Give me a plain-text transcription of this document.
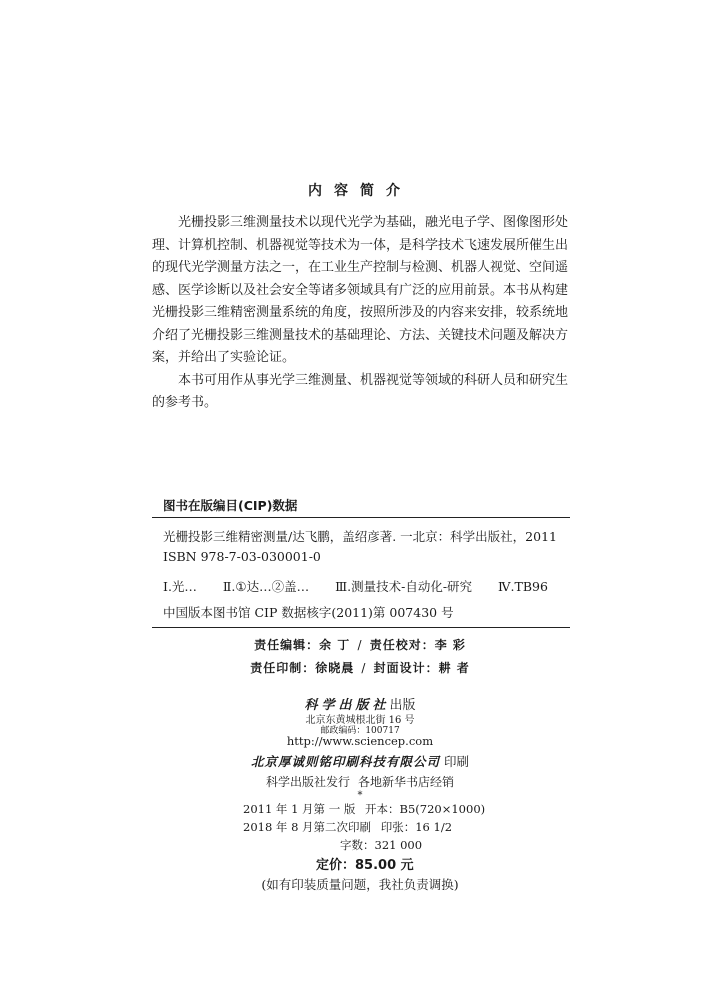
内容简介

光栅投影三维测量技术以现代光学为基础，融光电子学、图像图形处理、计算机控制、机器视觉等技术为一体，是科学技术飞速发展所催生出的现代光学测量方法之一，在工业生产控制与检测、机器人视觉、空间遥感、医学诊断以及社会安全等诸多领域具有广泛的应用前景。本书从构建光栅投影三维精密测量系统的角度，按照所涉及的内容来安排，较系统地介绍了光栅投影三维测量技术的基础理论、方法、关键技术问题及解决方案，并给出了实验论证。

本书可用作从事光学三维测量、机器视觉等领域的科研人员和研究生的参考书。

图书在版编目(CIP)数据
光栅投影三维精密测量/达飞鹏，盖绍彦著. 一北京：科学出版社，2011
ISBN 978-7-03-030001-0
Ⅰ.光… Ⅱ.①达…②盖… Ⅲ.测量技术-自动化-研究 Ⅳ.TB96
中国版本图书馆 CIP 数据核字(2011)第 007430 号
责任编辑：余 丁 / 责任校对：李 彩
责任印制：徐晓晨 / 封面设计：耕 者
科学出版社出版
北京东黄城根北街 16 号
邮政编码：100717
http://www.sciencep.com
北京厚诚则铭印刷科技有限公司 印刷
科学出版社发行 各地新华书店经销
*
2011 年 1 月第 一 版 开本：B5(720×1000)
2018 年 8 月第二次印刷 印张：16 1/2
字数：321 000
定价：85.00 元
(如有印装质量问题，我社负责调换)
